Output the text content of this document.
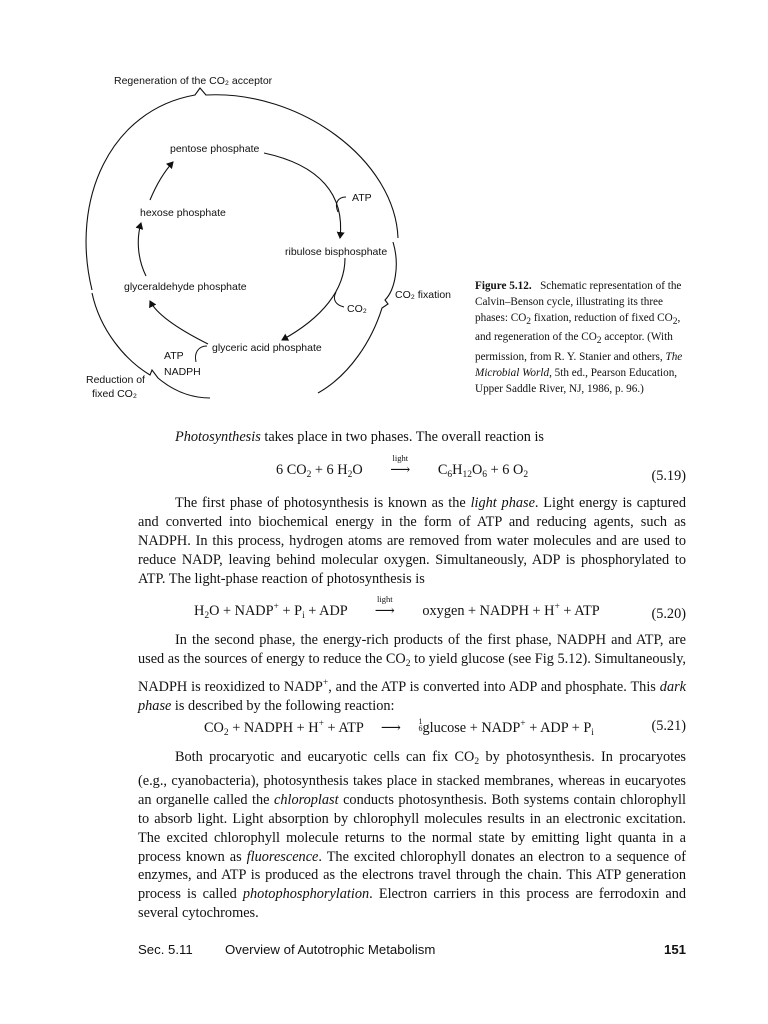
Regeneration of the CO₂ acceptor
pentose phosphate
ATP
hexose phosphate
ribulose bisphosphate
glyceraldehyde phosphate
CO₂ fixation
CO₂
glyceric acid phosphate
ATP
NADPH
Reduction of
fixed CO₂
Figure 5.12. Schematic representation of the Calvin–Benson cycle, illustrating its three phases: $CO_2$ fixation, reduction of fixed $CO_2$, and regeneration of the $CO_2$ acceptor. (With permission, from R. Y. Stanier and others, The Microbial World, 5th ed., Pearson Education, Upper Saddle River, NJ, 1986, p. 96.)
Photosynthesis takes place in two phases. The overall reaction is
6 $CO_2 + 6$ $H_2O$
light
⟶ $C_6H_{12}O_6 + 6$ $O_2$	(5.19)
The first phase of photosynthesis is known as the light phase. Light energy is captured and converted into biochemical energy in the form of ATP and reducing agents, such as NADPH. In this process, hydrogen atoms are removed from water molecules and are used to reduce NADP, leaving behind molecular oxygen. Simultaneously, ADP is phosphorylated to ATP. The light-phase reaction of photosynthesis is
$H_2O$ + NADP+ + $P_i$ + ADP
light
⟶ oxygen + NADPH + H+ + ATP	(5.20)
In the second phase, the energy-rich products of the first phase, NADPH and ATP, are used as the sources of energy to reduce the $CO_2$ to yield glucose (see Fig 5.12). Simultaneously, NADPH is reoxidized to NADP+, and the ATP is converted into ADP and phosphate. This dark phase is described by the following reaction:
$CO_2$ + NADPH + H+ + ATP ⟶ 1
6glucose + NADP+ + ADP + $P_i$	(5.21)
Both procaryotic and eucaryotic cells can fix $CO_2$ by photosynthesis. In procaryotes (e.g., cyanobacteria), photosynthesis takes place in stacked membranes, whereas in eucaryotes an organelle called the chloroplast conducts photosynthesis. Both systems contain chlorophyll to absorb light. Light absorption by chlorophyll molecules results in an electronic excitation. The excited chlorophyll molecule returns to the normal state by emitting light quanta in a process known as fluorescence. The excited chlorophyll donates an electron to a sequence of enzymes, and ATP is produced as the electrons travel through the chain. This ATP generation process is called photophosphorylation. Electron carriers in this process are ferrodoxin and several cytochromes.
Sec. 5.11 Overview of Autotrophic Metabolism	151
